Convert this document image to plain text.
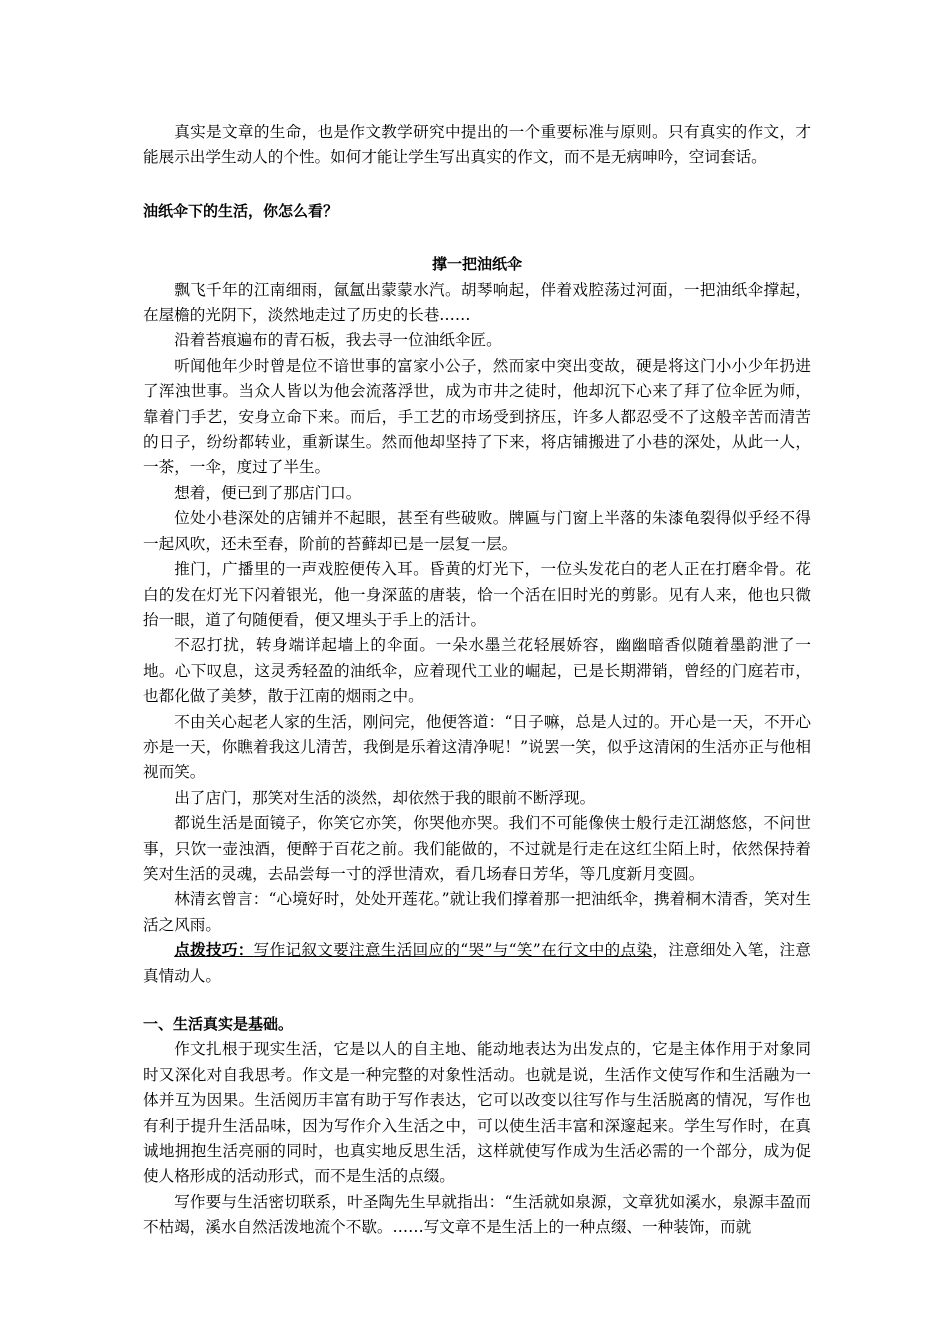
真实是文章的生命，也是作文教学研究中提出的一个重要标准与原则。只有真实的作文，才能展示出学生动人的个性。如何才能让学生写出真实的作文，而不是无病呻吟，空词套话。

油纸伞下的生活，你怎么看？

撑一把油纸伞

飘飞千年的江南细雨，氤氲出蒙蒙水汽。胡琴响起，伴着戏腔荡过河面，一把油纸伞撑起，在屋檐的光阴下，淡然地走过了历史的长巷……

沿着苔痕遍布的青石板，我去寻一位油纸伞匠。

听闻他年少时曾是位不谙世事的富家小公子，然而家中突出变故，硬是将这门小小少年扔进了浑浊世事。当众人皆以为他会流落浮世，成为市井之徒时，他却沉下心来了拜了位伞匠为师，靠着门手艺，安身立命下来。而后，手工艺的市场受到挤压，许多人都忍受不了这般辛苦而清苦的日子，纷纷都转业，重新谋生。然而他却坚持了下来，将店铺搬进了小巷的深处，从此一人，一茶，一伞，度过了半生。

想着，便已到了那店门口。

位处小巷深处的店铺并不起眼，甚至有些破败。牌匾与门窗上半落的朱漆龟裂得似乎经不得一起风吹，还未至春，阶前的苔藓却已是一层复一层。

推门，广播里的一声戏腔便传入耳。昏黄的灯光下，一位头发花白的老人正在打磨伞骨。花白的发在灯光下闪着银光，他一身深蓝的唐装，恰一个活在旧时光的剪影。见有人来，他也只微抬一眼，道了句随便看，便又埋头于手上的活计。

不忍打扰，转身端详起墙上的伞面。一朵水墨兰花轻展娇容，幽幽暗香似随着墨韵泄了一地。心下叹息，这灵秀轻盈的油纸伞，应着现代工业的崛起，已是长期滞销，曾经的门庭若市，也都化做了美梦，散于江南的烟雨之中。

不由关心起老人家的生活，刚问完，他便答道：“日子嘛，总是人过的。开心是一天，不开心亦是一天，你瞧着我这儿清苦，我倒是乐着这清净呢！”说罢一笑，似乎这清闲的生活亦正与他相视而笑。

出了店门，那笑对生活的淡然，却依然于我的眼前不断浮现。

都说生活是面镜子，你笑它亦笑，你哭他亦哭。我们不可能像侠士般行走江湖悠悠，不问世事，只饮一壶浊酒，便醉于百花之前。我们能做的，不过就是行走在这红尘陌上时，依然保持着笑对生活的灵魂，去品尝每一寸的浮世清欢，看几场春日芳华，等几度新月变圆。

林清玄曾言：“心境好时，处处开莲花。”就让我们撑着那一把油纸伞，携着桐木清香，笑对生活之风雨。

点拨技巧：写作记叙文要注意生活回应的“哭”与“笑”在行文中的点染，注意细处入笔，注意真情动人。

一、生活真实是基础。

作文扎根于现实生活，它是以人的自主地、能动地表达为出发点的，它是主体作用于对象同时又深化对自我思考。作文是一种完整的对象性活动。也就是说，生活作文使写作和生活融为一体并互为因果。生活阅历丰富有助于写作表达，它可以改变以往写作与生活脱离的情况，写作也有利于提升生活品味，因为写作介入生活之中，可以使生活丰富和深邃起来。学生写作时，在真诚地拥抱生活亮丽的同时，也真实地反思生活，这样就使写作成为生活必需的一个部分，成为促使人格形成的活动形式，而不是生活的点缀。

写作要与生活密切联系，叶圣陶先生早就指出：“生活就如泉源，文章犹如溪水，泉源丰盈而不枯竭，溪水自然活泼地流个不歇。……写文章不是生活上的一种点缀、一种装饰，而就
